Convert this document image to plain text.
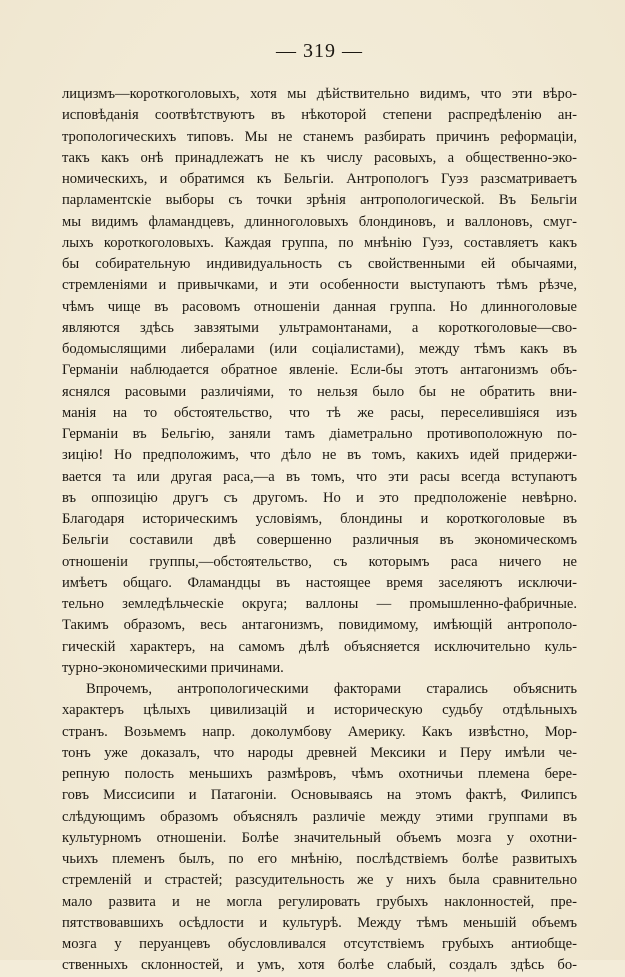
— 319 —
лицизмъ—короткоголовыхъ, хотя мы дѣйствительно видимъ, что эти вѣро-
исповѣданія соотвѣтствуютъ въ нѣкоторой степени распредѣленію ан-
тропологическихъ типовъ. Мы не станемъ разбирать причинъ реформаціи,
такъ какъ онѣ принадлежатъ не къ числу расовыхъ, а общественно-эко-
номическихъ, и обратимся къ Бельгіи. Антропологъ Гуэз разсматриваетъ
парламентскіе выборы съ точки зрѣнія антропологической. Въ Бельгіи
мы видимъ фламандцевъ, длинноголовыхъ блондиновъ, и валлоновъ, смуг-
лыхъ короткоголовыхъ. Каждая группа, по мнѣнію Гуэз, составляетъ какъ
бы собирательную индивидуальность съ свойственными ей обычаями,
стремленіями и привычками, и эти особенности выступаютъ тѣмъ рѣзче,
чѣмъ чище въ расовомъ отношеніи данная группа. Но длинноголовые
являются здѣсь завзятыми ультрамонтанами, а короткоголовые—сво-
бодомыслящими либералами (или соціалистами), между тѣмъ какъ въ
Германіи наблюдается обратное явленіе. Если-бы этотъ антагонизмъ объ-
яснялся расовыми различіями, то нельзя было бы не обратить вни-
манія на то обстоятельство, что тѣ же расы, переселившіяся изъ
Германіи въ Бельгію, заняли тамъ діаметрально противоположную по-
зицію! Но предположимъ, что дѣло не въ томъ, какихъ идей придержи-
вается та или другая раса,—а въ томъ, что эти расы всегда вступаютъ
въ оппозицію другъ съ другомъ. Но и это предположеніе невѣрно.
Благодаря историческимъ условіямъ, блондины и короткоголовые въ
Бельгіи составили двѣ совершенно различныя въ экономическомъ
отношеніи группы,—обстоятельство, съ которымъ раса ничего не
имѣетъ общаго. Фламандцы въ настоящее время заселяютъ исключи-
тельно земледѣльческіе округа; валлоны — промышленно-фабричные.
Такимъ образомъ, весь антагонизмъ, повидимому, имѣющій антрополо-
гическій характеръ, на самомъ дѣлѣ объясняется исключительно куль-
турно-экономическими причинами.
Впрочемъ, антропологическими факторами старались объяснить
характеръ цѣлыхъ цивилизацій и историческую судьбу отдѣльныхъ
странъ. Возьмемъ напр. доколумбову Америку. Какъ извѣстно, Мор-
тонъ уже доказалъ, что народы древней Мексики и Перу имѣли че-
репную полость меньшихъ размѣровъ, чѣмъ охотничьи племена бере-
говъ Миссисипи и Патагоніи. Основываясь на этомъ фактѣ, Филипсъ
слѣдующимъ образомъ объяснялъ различіе между этими группами въ
культурномъ отношеніи. Болѣе значительный объемъ мозга у охотни-
чьихъ племенъ былъ, по его мнѣнію, послѣдствіемъ болѣе развитыхъ
стремленій и страстей; разсудительность же у нихъ была сравнительно
мало развита и не могла регулировать грубыхъ наклонностей, пре-
пятствовавшихъ осѣдлости и культурѣ. Между тѣмъ меньшій объемъ
мозга у перуанцевъ обусловливался отсутствіемъ грубыхъ антиобще-
ственныхъ склонностей, и умъ, хотя болѣе слабый, создалъ здѣсь бо-
